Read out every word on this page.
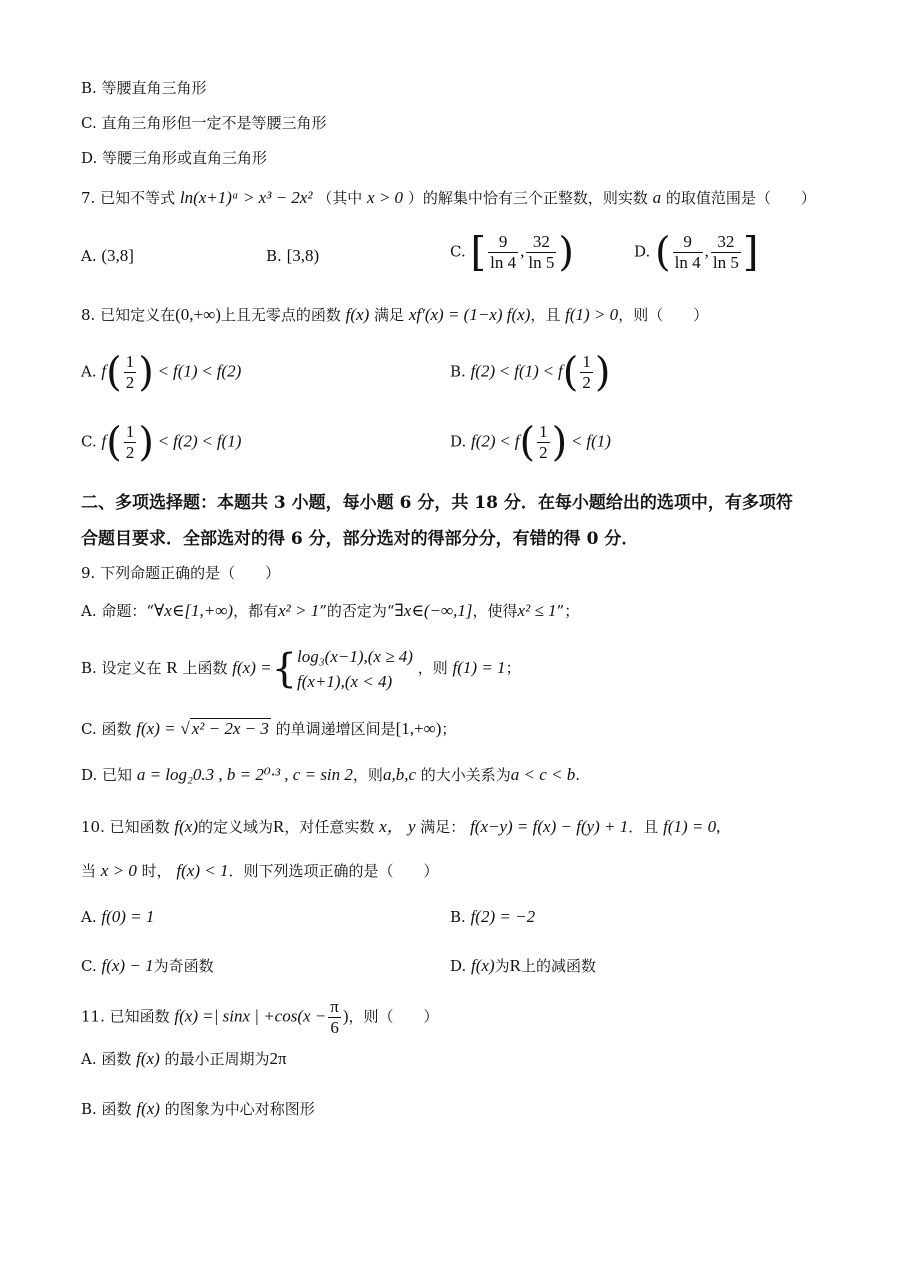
B. 等腰直角三角形
C. 直角三角形但一定不是等腰三角形
D. 等腰三角形或直角三角形
7. 已知不等式 ln(x+1)ᵃ > x³ − 2x² （其中 x > 0 ）的解集中恰有三个正整数，则实数 a 的取值范围是（　　）
A. (3,8]	B. [3,8)	C. [ $\frac{9}{\ln 4}$ , $\frac{32}{\ln 5}$ )	D. ( $\frac{9}{\ln 4}$ , $\frac{32}{\ln 5}$ ]
8. 已知定义在(0,+∞)上且无零点的函数 f(x) 满足 xf′(x) = (1−x) f(x)，且 f(1) > 0，则（　　）
A. $f( \frac{1}{2}$ ) < f(1) < f(2)	B. $f(2) < f(1) < f( \frac{1}{2}$ )
C. $f( \frac{1}{2}$ ) < f(2) < f(1)	D. $f(2) < f( \frac{1}{2}$ ) < f(1)
二、多项选择题：本题共 3 小题，每小题 6 分，共 18 分．在每小题给出的选项中，有多项符
合题目要求．全部选对的得 6 分，部分选对的得部分分，有错的得 0 分．
9. 下列命题正确的是（　　）
A. 命题：“∀x∈[1,+∞)，都有x² > 1”的否定为“∃x∈(−∞,1]，使得x² ≤ 1”；
B. 设定义在 R 上函数 f(x) ={ log₃(x−1),(x ≥ 4)
f(x+1),(x < 4)
，则 f(1) = 1；
C. 函数 f(x) = √ x² − 2x − 3 的单调递增区间是[1,+∞)；
D. 已知 a = log₂0.3 , b = 2⁰·³ , c = sin 2，则a,b,c 的大小关系为a < c < b.
10. 已知函数 f(x)的定义域为R，对任意实数 x， y 满足： f(x−y) = f(x) − f(y) + 1．且 f(1) = 0,
当 x > 0 时， f(x) < 1．则下列选项正确的是（　　）
A. f(0) = 1	B. f(2) = −2
C. f(x) − 1为奇函数	D. f(x)为R上的减函数
11. 已知函数 f(x) =| sinx | $+\cos(x - \frac{\pi}{6}$ )，则（　　）
A. 函数 f(x) 的最小正周期为2π
B. 函数 f(x) 的图象为中心对称图形
